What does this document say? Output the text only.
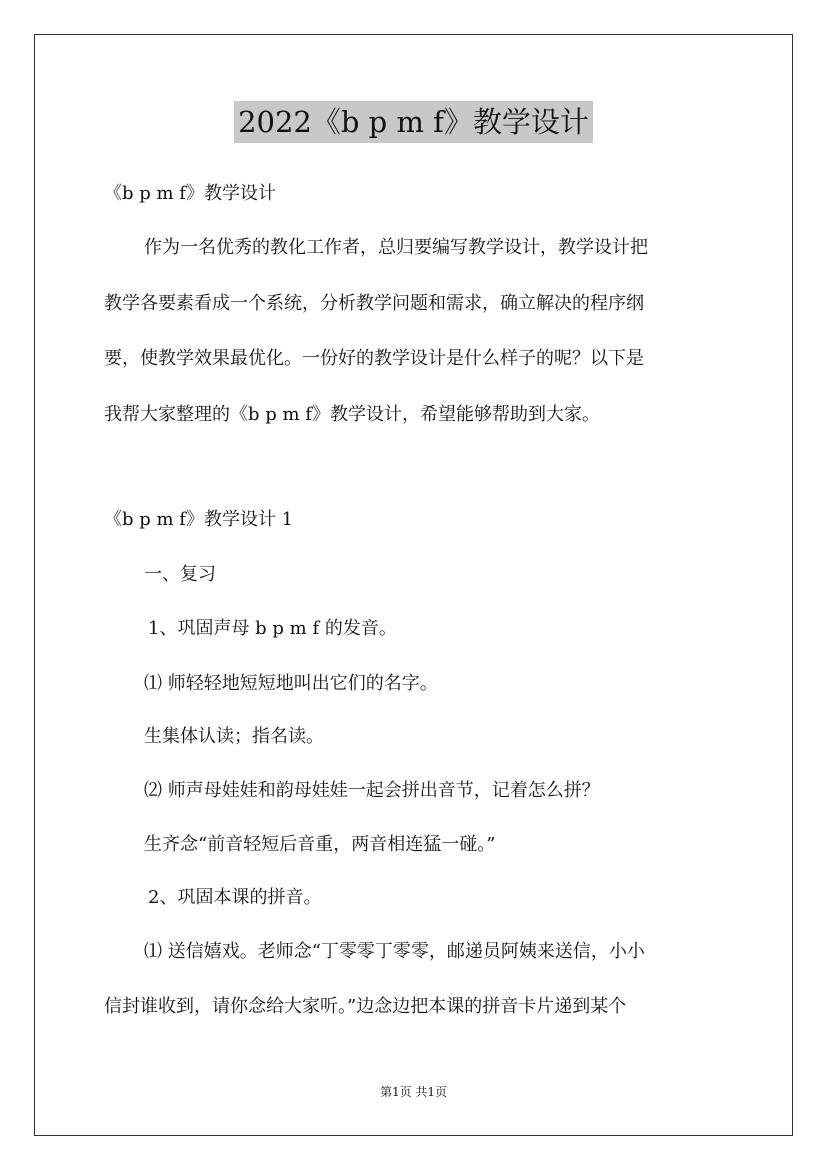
2022《b p m f》教学设计
《b p m f》教学设计
作为一名优秀的教化工作者，总归要编写教学设计，教学设计把
教学各要素看成一个系统，分析教学问题和需求，确立解决的程序纲
要，使教学效果最优化。一份好的教学设计是什么样子的呢？以下是
我帮大家整理的《b p m f》教学设计，希望能够帮助到大家。
《b p m f》教学设计 1
一、复习
1、巩固声母 b p m f 的发音。
⑴ 师轻轻地短短地叫出它们的名字。
生集体认读；指名读。
⑵ 师声母娃娃和韵母娃娃一起会拼出音节，记着怎么拼？
生齐念“前音轻短后音重，两音相连猛一碰。”
2、巩固本课的拼音。
⑴ 送信嬉戏。老师念“丁零零丁零零，邮递员阿姨来送信，小小
信封谁收到，请你念给大家听。”边念边把本课的拼音卡片递到某个
第1页 共1页
